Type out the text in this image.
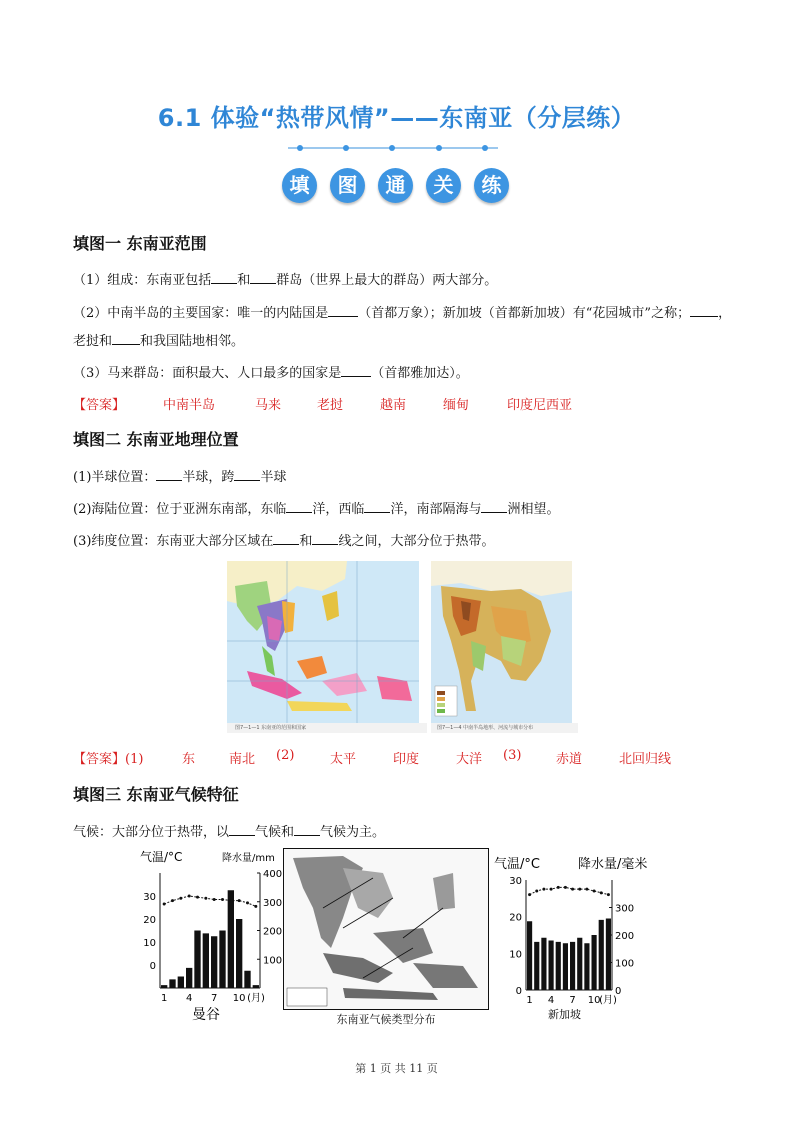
6.1 体验“热带风情”——东南亚（分层练）
填	图	通	关	练
填图一 东南亚范围
（1）组成：东南亚包括 和 群岛（世界上最大的群岛）两大部分。
（2）中南半岛的主要国家：唯一的内陆国是 （首都万象）；新加坡（首都新加坡）有“花园城市”之称； ，
老挝和 和我国陆地相邻。
（3）马来群岛：面积最大、人口最多的国家是 （首都雅加达）。
【答案】	中南半岛	马来	老挝	越南	缅甸	印度尼西亚
填图二 东南亚地理位置
(1)半球位置： 半球，跨 半球
(2)海陆位置：位于亚洲东南部，东临 洋，西临 洋，南部隔海与 洲相望。
(3)纬度位置：东南亚大部分区域在 和 线之间，大部分位于热带。
图7—1—1 东南亚的范围和国家	图7—1—4 中南半岛地形、河流与城市分布
【答案】(1)	东	南北 (2)	太平	印度	大洋 (3)	赤道	北回归线
填图三 东南亚气候特征
气候：大部分位于热带，以 气候和 气候为主。
气温/°C	降水量/mm
30
20
10
0
400
300
200
100
1 4 7 10 (月)
曼谷	东南亚气候类型分布
气温/°C	降水量/毫米
30
20
10
0
300
200
100
0
1 4 7 10
(月)
新加坡
第 1 页 共 11 页
